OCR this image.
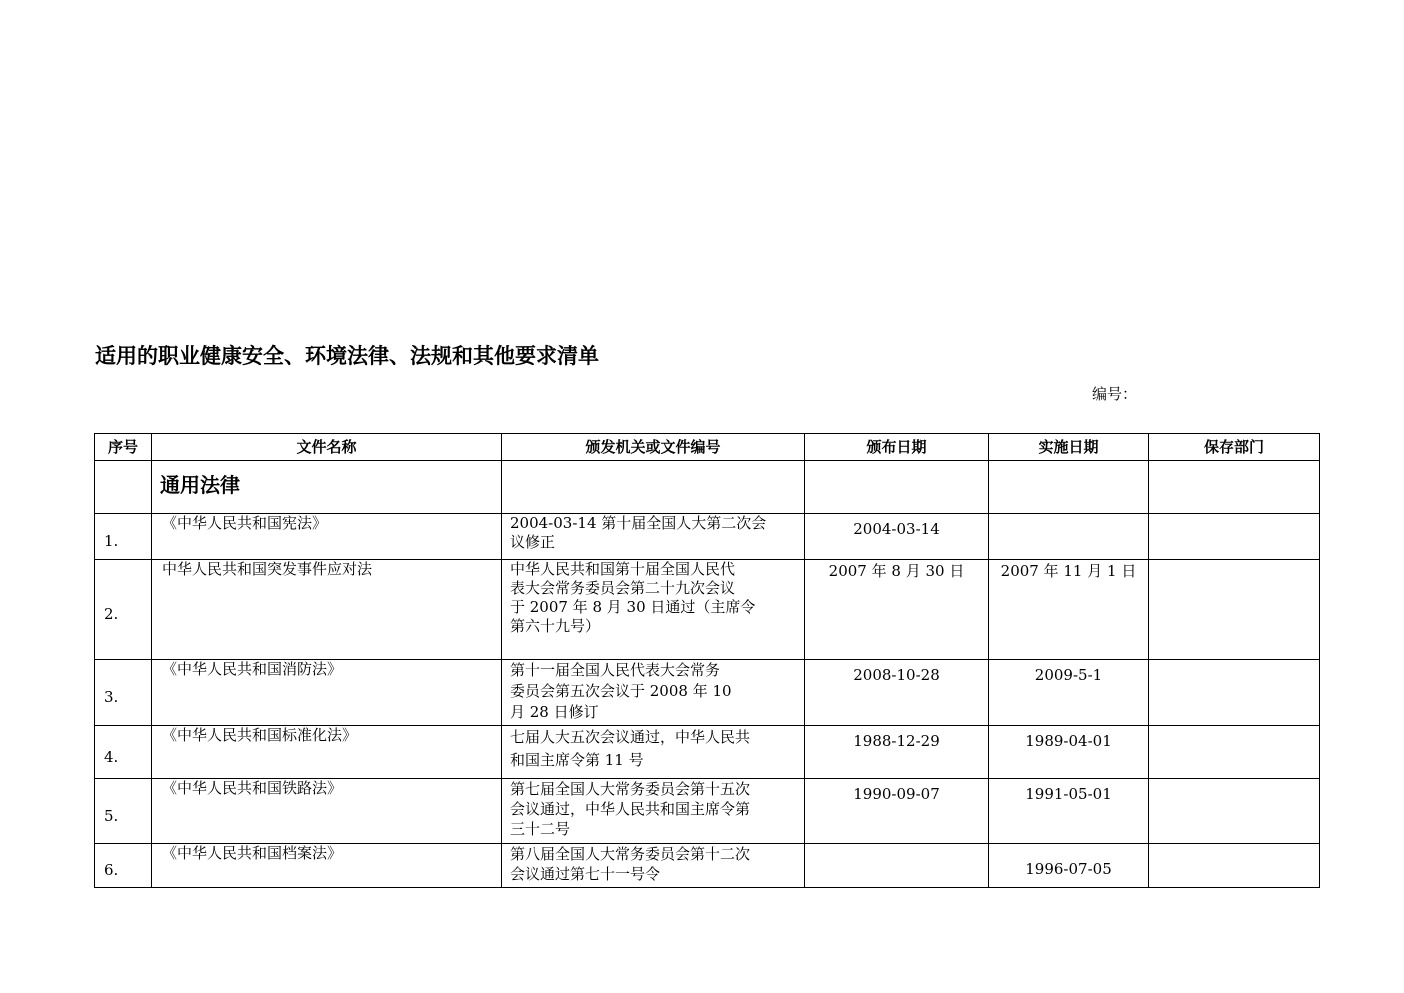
适用的职业健康安全、环境法律、法规和其他要求清单
编号：
序号	文件名称	颁发机关或文件编号	颁布日期	实施日期	保存部门
	通用法律				
1.	《中华人民共和国宪法》	2004-03-14 第十届全国人大第二次会
议修正	2004-03-14		
2.	中华人民共和国突发事件应对法	中华人民共和国第十届全国人民代
表大会常务委员会第二十九次会议
于 2007 年 8 月 30 日通过（主席令
第六十九号）	2007 年 8 月 30 日	2007 年 11 月 1 日	
3.	《中华人民共和国消防法》	第十一届全国人民代表大会常务
委员会第五次会议于 2008 年 10
月 28 日修订	2008-10-28	2009-5-1	
4.	《中华人民共和国标准化法》	七届人大五次会议通过，中华人民共
和国主席令第 11 号	1988-12-29	1989-04-01	
5.	《中华人民共和国铁路法》	第七届全国人大常务委员会第十五次
会议通过，中华人民共和国主席令第
三十二号	1990-09-07	1991-05-01	
6.	《中华人民共和国档案法》	第八届全国人大常务委员会第十二次
会议通过第七十一号令		1996-07-05	
